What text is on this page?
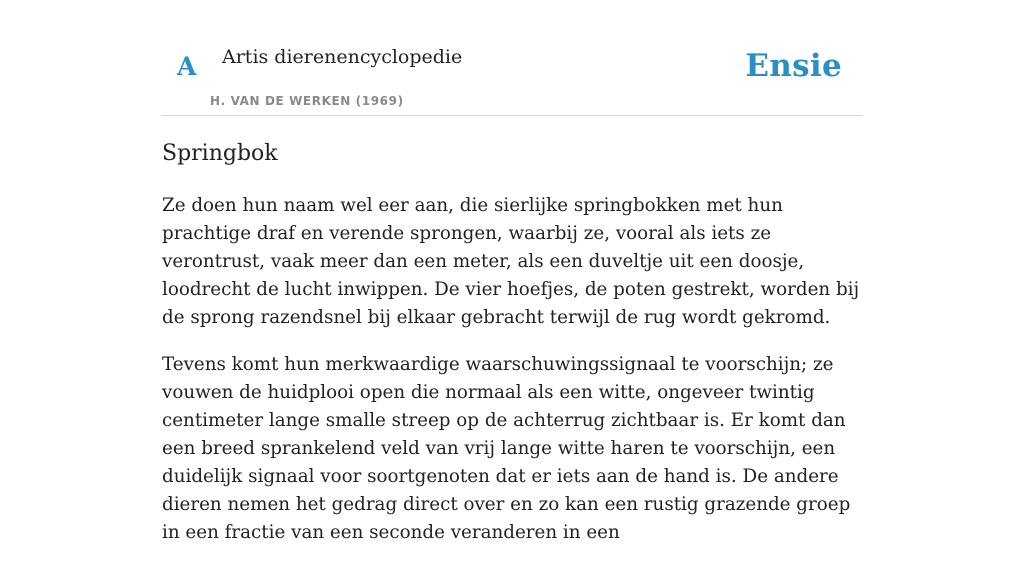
A Artis dierenencyclopedie
H. VAN DE WERKEN (1969)
Ensie
Springbok

Ze doen hun naam wel eer aan, die sierlijke springbokken met hun prachtige draf en verende sprongen, waarbij ze, vooral als iets ze verontrust, vaak meer dan een meter, als een duveltje uit een doosje, loodrecht de lucht inwippen. De vier hoefjes, de poten gestrekt, worden bij de sprong razendsnel bij elkaar gebracht terwijl de rug wordt gekromd.

Tevens komt hun merkwaardige waarschuwingssignaal te voorschijn; ze vouwen de huidplooi open die normaal als een witte, ongeveer twintig centimeter lange smalle streep op de achterrug zichtbaar is. Er komt dan een breed sprankelend veld van vrij lange witte haren te voorschijn, een duidelijk signaal voor soortgenoten dat er iets aan de hand is. De andere dieren nemen het gedrag direct over en zo kan een rustig grazende groep in een fractie van een seconde veranderen in een
